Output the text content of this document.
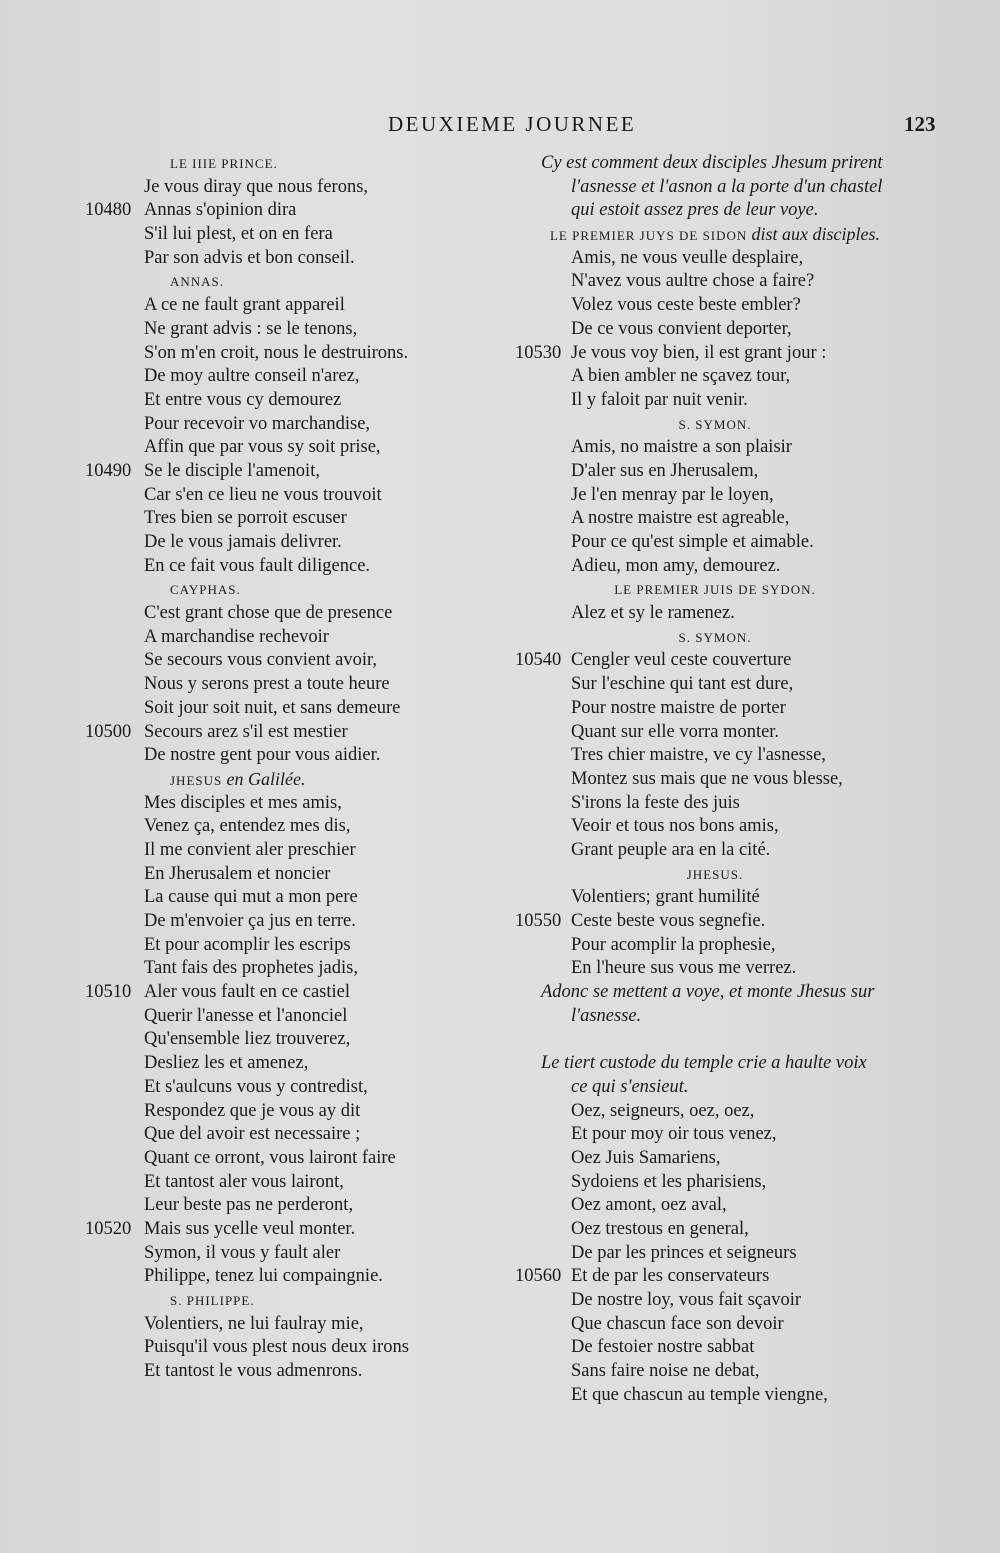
DEUXIEME JOURNEE	123
LE IIIE PRINCE.
Je vous diray que nous ferons,
10480 Annas s'opinion dira
S'il lui plest, et on en fera
Par son advis et bon conseil.
ANNAS.
A ce ne fault grant appareil
Ne grant advis : se le tenons,
S'on m'en croit, nous le destruirons.
De moy aultre conseil n'arez,
Et entre vous cy demourez
Pour recevoir vo marchandise,
Affin que par vous sy soit prise,
10490 Se le disciple l'amenoit,
Car s'en ce lieu ne vous trouvoit
Tres bien se porroit escuser
De le vous jamais delivrer.
En ce fait vous fault diligence.
CAYPHAS.
C'est grant chose que de presence
A marchandise rechevoir
Se secours vous convient avoir,
Nous y serons prest a toute heure
Soit jour soit nuit, et sans demeure
10500 Secours arez s'il est mestier
De nostre gent pour vous aidier.
JHESUS en Galilée.
Mes disciples et mes amis,
Venez ça, entendez mes dis,
Il me convient aler preschier
En Jherusalem et noncier
La cause qui mut a mon pere
De m'envoier ça jus en terre.
Et pour acomplir les escrips
Tant fais des prophetes jadis,
10510 Aler vous fault en ce castiel
Querir l'anesse et l'anonciel
Qu'ensemble liez trouverez,
Desliez les et amenez,
Et s'aulcuns vous y contredist,
Respondez que je vous ay dit
Que del avoir est necessaire ;
Quant ce orront, vous lairont faire
Et tantost aler vous lairont,
Leur beste pas ne perderont,
10520 Mais sus ycelle veul monter.
Symon, il vous y fault aler
Philippe, tenez lui compaingnie.
S. PHILIPPE.
Volentiers, ne lui faulray mie,
Puisqu'il vous plest nous deux irons
Et tantost le vous admenrons.
Cy est comment deux disciples Jhesum prirent
l'asnesse et l'asnon a la porte d'un chastel
qui estoit assez pres de leur voye.
LE PREMIER JUYS DE SIDON dist aux disciples.
Amis, ne vous veulle desplaire,
N'avez vous aultre chose a faire?
Volez vous ceste beste embler?
De ce vous convient deporter,
10530 Je vous voy bien, il est grant jour :
A bien ambler ne sçavez tour,
Il y faloit par nuit venir.
S. SYMON.
Amis, no maistre a son plaisir
D'aler sus en Jherusalem,
Je l'en menray par le loyen,
A nostre maistre est agreable,
Pour ce qu'est simple et aimable.
Adieu, mon amy, demourez.
LE PREMIER JUIS DE SYDON.
Alez et sy le ramenez.
S. SYMON.
10540 Cengler veul ceste couverture
Sur l'eschine qui tant est dure,
Pour nostre maistre de porter
Quant sur elle vorra monter.
Tres chier maistre, ve cy l'asnesse,
Montez sus mais que ne vous blesse,
S'irons la feste des juis
Veoir et tous nos bons amis,
Grant peuple ara en la cité.
JHESUS.
Volentiers; grant humilité
10550 Ceste beste vous segnefie.
Pour acomplir la prophesie,
En l'heure sus vous me verrez.
Adonc se mettent a voye, et monte Jhesus sur
l'asnesse.
Le tiert custode du temple crie a haulte voix
ce qui s'ensieut.
Oez, seigneurs, oez, oez,
Et pour moy oir tous venez,
Oez Juis Samariens,
Sydoiens et les pharisiens,
Oez amont, oez aval,
Oez trestous en general,
De par les princes et seigneurs
10560 Et de par les conservateurs
De nostre loy, vous fait sçavoir
Que chascun face son devoir
De festoier nostre sabbat
Sans faire noise ne debat,
Et que chascun au temple viengne,
